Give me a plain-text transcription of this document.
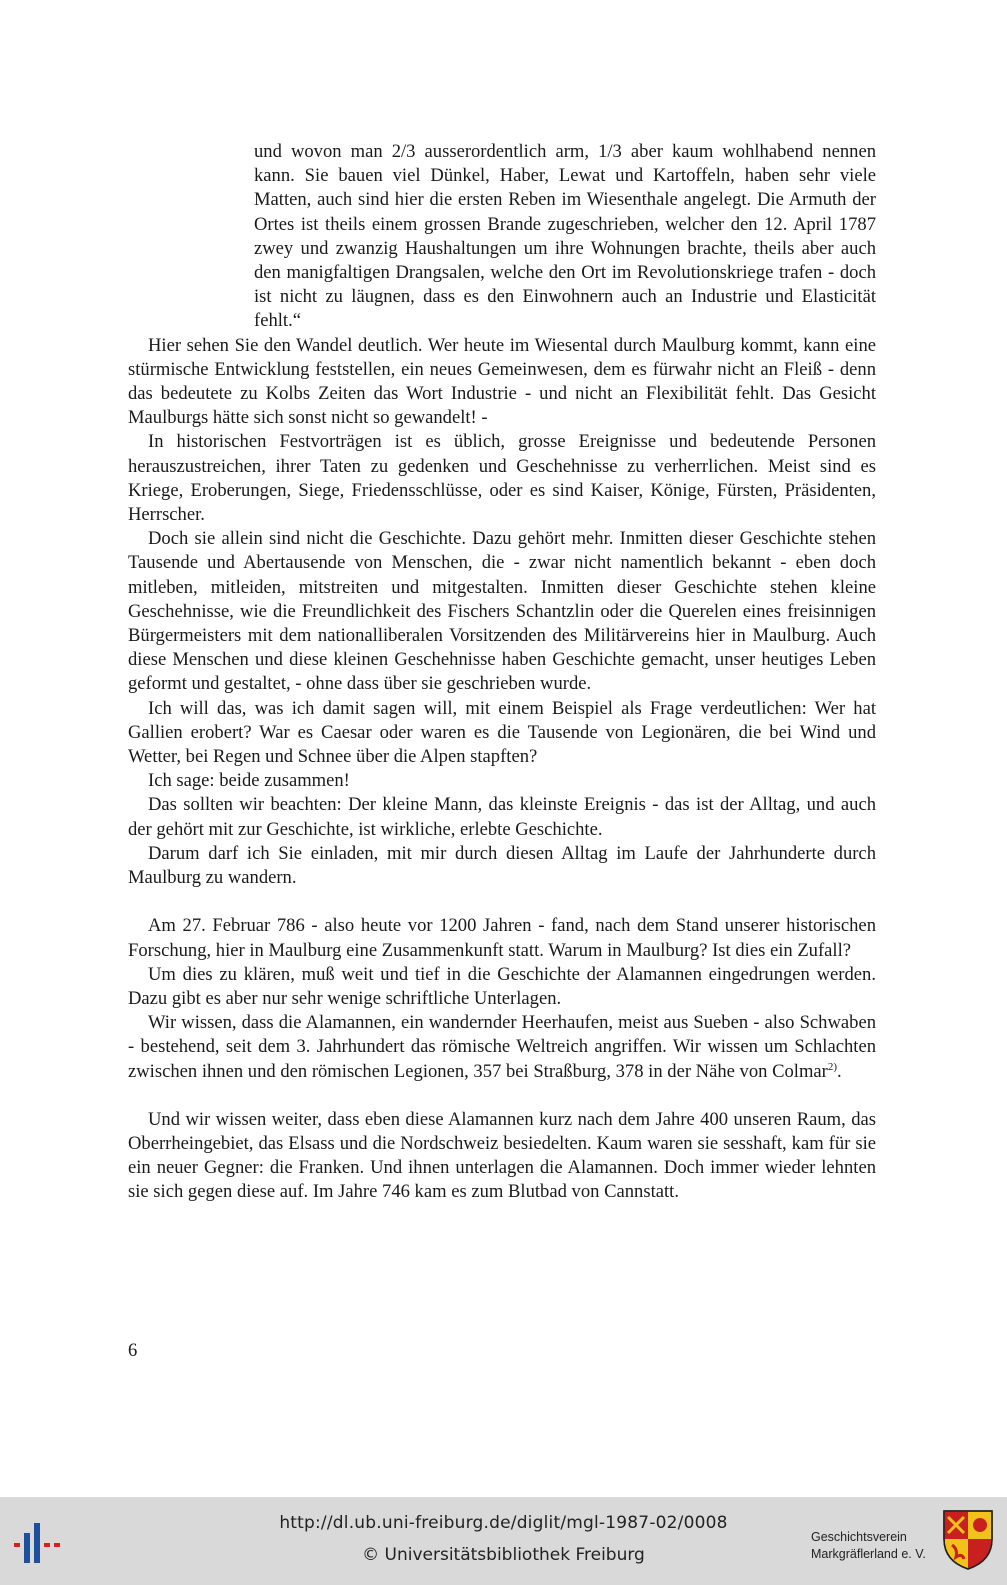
und wovon man 2/3 ausserordentlich arm, 1/3 aber kaum wohlhabend nennen kann. Sie bauen viel Dünkel, Haber, Lewat und Kartoffeln, haben sehr viele Matten, auch sind hier die ersten Reben im Wiesenthale angelegt. Die Armuth der Ortes ist theils einem grossen Brande zugeschrieben, welcher den 12. April 1787 zwey und zwanzig Haushaltungen um ihre Wohnungen brachte, theils aber auch den manigfaltigen Drangsalen, welche den Ort im Revolutionskriege trafen - doch ist nicht zu läugnen, dass es den Einwohnern auch an Industrie und Elasticität fehlt.“

Hier sehen Sie den Wandel deutlich. Wer heute im Wiesental durch Maulburg kommt, kann eine stürmische Entwicklung feststellen, ein neues Gemeinwesen, dem es fürwahr nicht an Fleiß - denn das bedeutete zu Kolbs Zeiten das Wort Industrie - und nicht an Flexibilität fehlt. Das Gesicht Maulburgs hätte sich sonst nicht so gewandelt! -

In historischen Festvorträgen ist es üblich, grosse Ereignisse und bedeutende Personen herauszustreichen, ihrer Taten zu gedenken und Geschehnisse zu verherrlichen. Meist sind es Kriege, Eroberungen, Siege, Friedensschlüsse, oder es sind Kaiser, Könige, Fürsten, Präsidenten, Herrscher.

Doch sie allein sind nicht die Geschichte. Dazu gehört mehr. Inmitten dieser Geschichte stehen Tausende und Abertausende von Menschen, die - zwar nicht namentlich bekannt - eben doch mitleben, mitleiden, mitstreiten und mitgestalten. Inmitten dieser Geschichte stehen kleine Geschehnisse, wie die Freundlichkeit des Fischers Schantzlin oder die Querelen eines freisinnigen Bürgermeisters mit dem nationalliberalen Vorsitzenden des Militärvereins hier in Maulburg. Auch diese Menschen und diese kleinen Geschehnisse haben Geschichte gemacht, unser heutiges Leben geformt und gestaltet, - ohne dass über sie geschrieben wurde.

Ich will das, was ich damit sagen will, mit einem Beispiel als Frage verdeutlichen: Wer hat Gallien erobert? War es Caesar oder waren es die Tausende von Legionären, die bei Wind und Wetter, bei Regen und Schnee über die Alpen stapften?

Ich sage: beide zusammen!

Das sollten wir beachten: Der kleine Mann, das kleinste Ereignis - das ist der Alltag, und auch der gehört mit zur Geschichte, ist wirkliche, erlebte Geschichte.

Darum darf ich Sie einladen, mit mir durch diesen Alltag im Laufe der Jahrhunderte durch Maulburg zu wandern.

Am 27. Februar 786 - also heute vor 1200 Jahren - fand, nach dem Stand unserer historischen Forschung, hier in Maulburg eine Zusammenkunft statt. Warum in Maulburg? Ist dies ein Zufall?

Um dies zu klären, muß weit und tief in die Geschichte der Alamannen eingedrungen werden. Dazu gibt es aber nur sehr wenige schriftliche Unterlagen.

Wir wissen, dass die Alamannen, ein wandernder Heerhaufen, meist aus Sueben - also Schwaben - bestehend, seit dem 3. Jahrhundert das römische Weltreich angriffen. Wir wissen um Schlachten zwischen ihnen und den römischen Legionen, 357 bei Straßburg, 378 in der Nähe von Colmar$^{2)}$.

Und wir wissen weiter, dass eben diese Alamannen kurz nach dem Jahre 400 unseren Raum, das Oberrheingebiet, das Elsass und die Nordschweiz besiedelten. Kaum waren sie sesshaft, kam für sie ein neuer Gegner: die Franken. Und ihnen unterlagen die Alamannen. Doch immer wieder lehnten sie sich gegen diese auf. Im Jahre 746 kam es zum Blutbad von Cannstatt.

6
http://dl.ub.uni-freiburg.de/diglit/mgl-1987-02/0008
© Universitätsbibliothek Freiburg
Geschichtsverein
Markgräflerland e. V.
